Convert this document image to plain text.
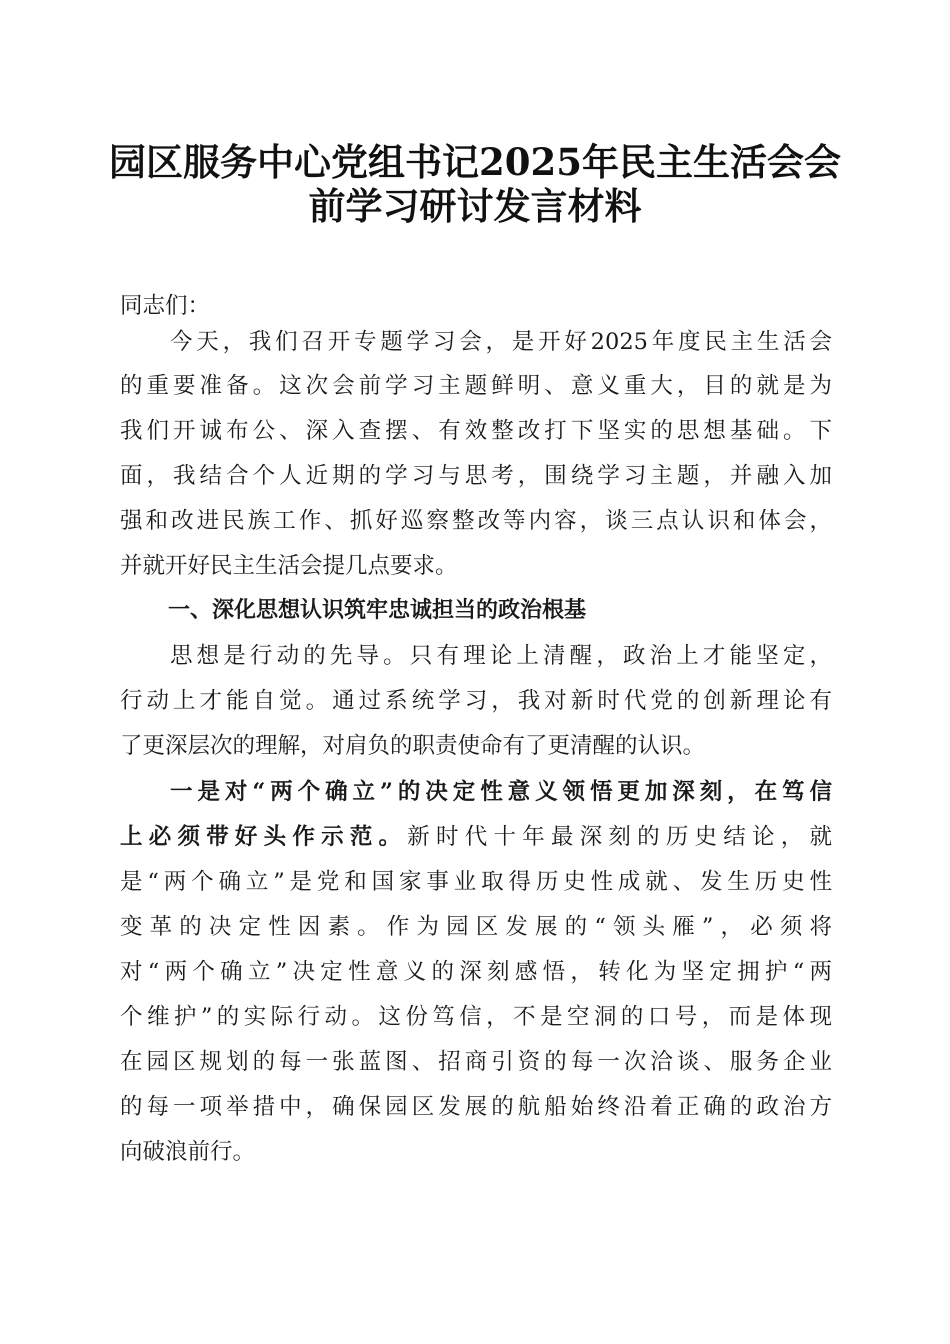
园区服务中心党组书记2025年民主生活会会
前学习研讨发言材料

同志们：

今天，我们召开专题学习会，是开好2025年度民主生活会

的重要准备。这次会前学习主题鲜明、意义重大，目的就是为

我们开诚布公、深入查摆、有效整改打下坚实的思想基础。下

面，我结合个人近期的学习与思考，围绕学习主题，并融入加

强和改进民族工作、抓好巡察整改等内容，谈三点认识和体会，

并就开好民主生活会提几点要求。

一、深化思想认识筑牢忠诚担当的政治根基

思想是行动的先导。只有理论上清醒，政治上才能坚定，

行动上才能自觉。通过系统学习，我对新时代党的创新理论有

了更深层次的理解，对肩负的职责使命有了更清醒的认识。

一是对“两个确立”的决定性意义领悟更加深刻，在笃信

上必须带好头作示范。新时代十年最深刻的历史结论，就

是“两个确立”是党和国家事业取得历史性成就、发生历史性

变革的决定性因素。作为园区发展的“领头雁”，必须将

对“两个确立”决定性意义的深刻感悟，转化为坚定拥护“两

个维护”的实际行动。这份笃信，不是空洞的口号，而是体现

在园区规划的每一张蓝图、招商引资的每一次洽谈、服务企业

的每一项举措中，确保园区发展的航船始终沿着正确的政治方

向破浪前行。
